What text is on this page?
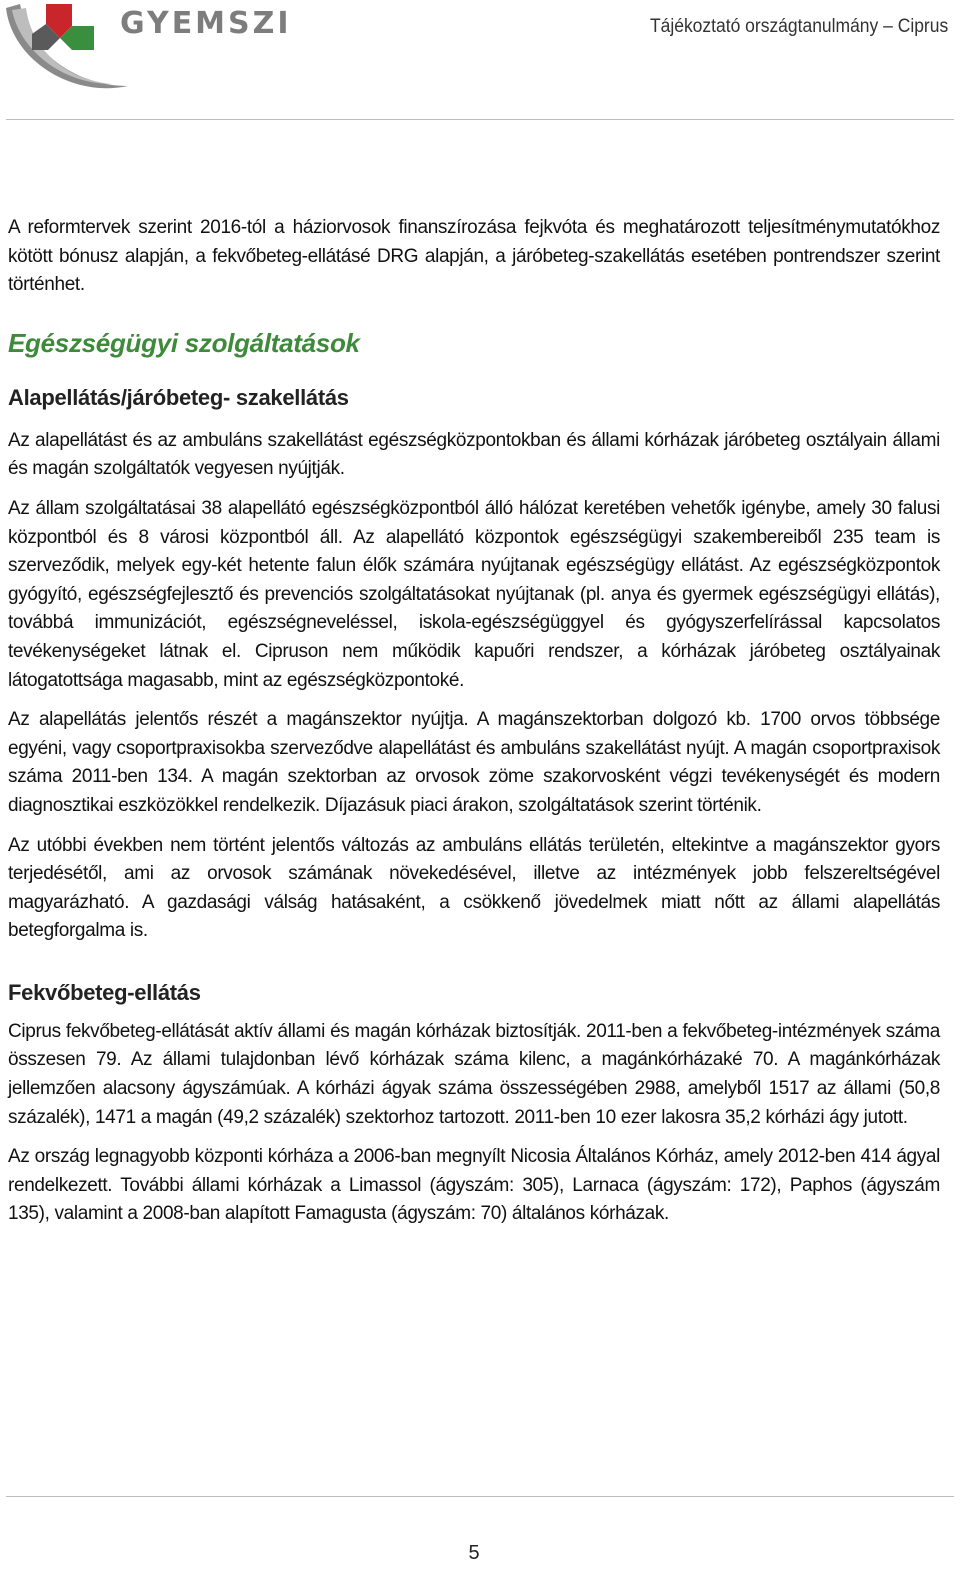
GYEMSZI	Tájékoztató országtanulmány – Ciprus

A reformtervek szerint 2016-tól a háziorvosok finanszírozása fejkvóta és meghatározott teljesítménymutatókhoz kötött bónusz alapján, a fekvőbeteg-ellátásé DRG alapján, a járóbeteg-szakellátás esetében pontrendszer szerint történhet.

Egészségügyi szolgáltatások
Alapellátás/járóbeteg- szakellátás

Az alapellátást és az ambuláns szakellátást egészségközpontokban és állami kórházak járóbeteg osztályain állami és magán szolgáltatók vegyesen nyújtják.

Az állam szolgáltatásai 38 alapellátó egészségközpontból álló hálózat keretében vehetők igénybe, amely 30 falusi központból és 8 városi központból áll. Az alapellátó központok egészségügyi szakembereiből 235 team is szerveződik, melyek egy-két hetente falun élők számára nyújtanak egészségügy ellátást. Az egészségközpontok gyógyító, egészségfejlesztő és prevenciós szolgáltatásokat nyújtanak (pl. anya és gyermek egészségügyi ellátás), továbbá immunizációt, egészségneveléssel, iskola-egészségüggyel és gyógyszerfelírással kapcsolatos tevékenységeket látnak el. Cipruson nem működik kapuőri rendszer, a kórházak járóbeteg osztályainak látogatottsága magasabb, mint az egészségközpontoké.

Az alapellátás jelentős részét a magánszektor nyújtja. A magánszektorban dolgozó kb. 1700 orvos többsége egyéni, vagy csoportpraxisokba szerveződve alapellátást és ambuláns szakellátást nyújt. A magán csoportpraxisok száma 2011-ben 134. A magán szektorban az orvosok zöme szakorvosként végzi tevékenységét és modern diagnosztikai eszközökkel rendelkezik. Díjazásuk piaci árakon, szolgáltatások szerint történik.

Az utóbbi években nem történt jelentős változás az ambuláns ellátás területén, eltekintve a magánszektor gyors terjedésétől, ami az orvosok számának növekedésével, illetve az intézmények jobb felszereltségével magyarázható. A gazdasági válság hatásaként, a csökkenő jövedelmek miatt nőtt az állami alapellátás betegforgalma is.

Fekvőbeteg-ellátás

Ciprus fekvőbeteg-ellátását aktív állami és magán kórházak biztosítják. 2011-ben a fekvőbeteg-intézmények száma összesen 79. Az állami tulajdonban lévő kórházak száma kilenc, a magánkórházaké 70. A magánkórházak jellemzően alacsony ágyszámúak. A kórházi ágyak száma összességében 2988, amelyből 1517 az állami (50,8 százalék), 1471 a magán (49,2 százalék) szektorhoz tartozott. 2011-ben 10 ezer lakosra 35,2 kórházi ágy jutott.

Az ország legnagyobb központi kórháza a 2006-ban megnyílt Nicosia Általános Kórház, amely 2012-ben 414 ágyal rendelkezett. További állami kórházak a Limassol (ágyszám: 305), Larnaca (ágyszám: 172), Paphos (ágyszám 135), valamint a 2008-ban alapított Famagusta (ágyszám: 70) általános kórházak.

5
